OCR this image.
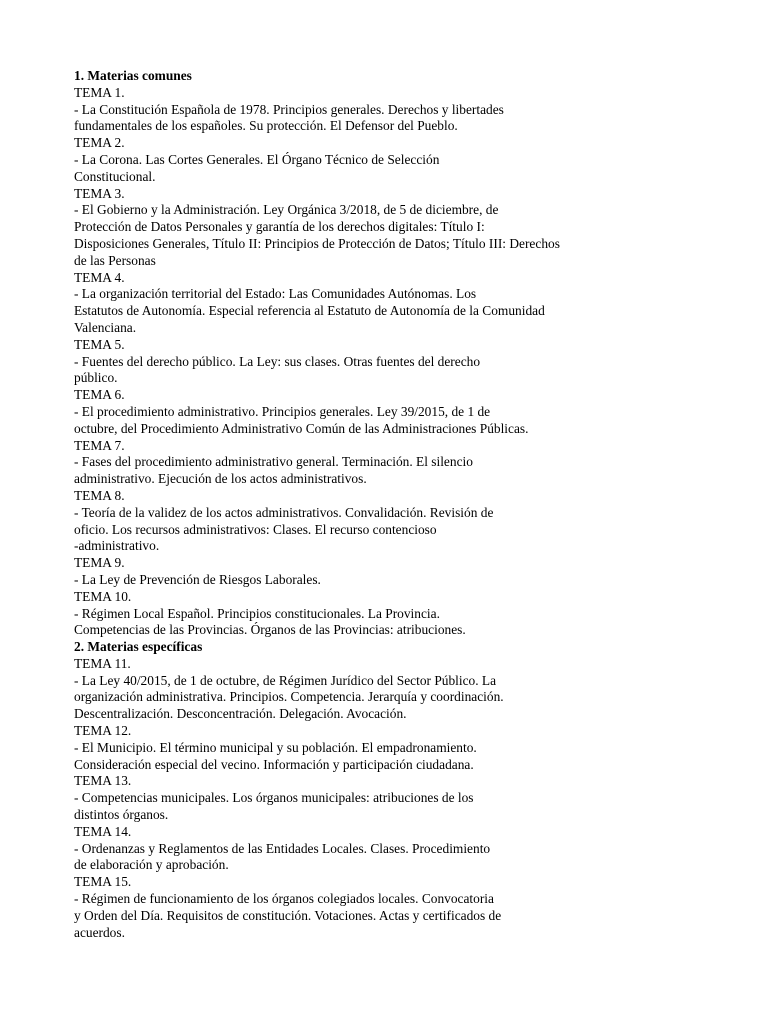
1. Materias comunes
TEMA 1.
- La Constitución Española de 1978. Principios generales. Derechos y libertades
fundamentales de los españoles. Su protección. El Defensor del Pueblo.
TEMA 2.
- La Corona. Las Cortes Generales. El Órgano Técnico de Selección
Constitucional.
TEMA 3.
- El Gobierno y la Administración. Ley Orgánica 3/2018, de 5 de diciembre, de
Protección de Datos Personales y garantía de los derechos digitales: Título I:
Disposiciones Generales, Título II: Principios de Protección de Datos; Título III: Derechos
de las Personas
TEMA 4.
- La organización territorial del Estado: Las Comunidades Autónomas. Los
Estatutos de Autonomía. Especial referencia al Estatuto de Autonomía de la Comunidad
Valenciana.
TEMA 5.
- Fuentes del derecho público. La Ley: sus clases. Otras fuentes del derecho
público.
TEMA 6.
- El procedimiento administrativo. Principios generales. Ley 39/2015, de 1 de
octubre, del Procedimiento Administrativo Común de las Administraciones Públicas.
TEMA 7.
- Fases del procedimiento administrativo general. Terminación. El silencio
administrativo. Ejecución de los actos administrativos.
TEMA 8.
- Teoría de la validez de los actos administrativos. Convalidación. Revisión de
oficio. Los recursos administrativos: Clases. El recurso contencioso
-administrativo.
TEMA 9.
- La Ley de Prevención de Riesgos Laborales.
TEMA 10.
- Régimen Local Español. Principios constitucionales. La Provincia.
Competencias de las Provincias. Órganos de las Provincias: atribuciones.
2. Materias específicas
TEMA 11.
- La Ley 40/2015, de 1 de octubre, de Régimen Jurídico del Sector Público. La
organización administrativa. Principios. Competencia. Jerarquía y coordinación.
Descentralización. Desconcentración. Delegación. Avocación.
TEMA 12.
- El Municipio. El término municipal y su población. El empadronamiento.
Consideración especial del vecino. Información y participación ciudadana.
TEMA 13.
- Competencias municipales. Los órganos municipales: atribuciones de los
distintos órganos.
TEMA 14.
- Ordenanzas y Reglamentos de las Entidades Locales. Clases. Procedimiento
de elaboración y aprobación.
TEMA 15.
- Régimen de funcionamiento de los órganos colegiados locales. Convocatoria
y Orden del Día. Requisitos de constitución. Votaciones. Actas y certificados de
acuerdos.
